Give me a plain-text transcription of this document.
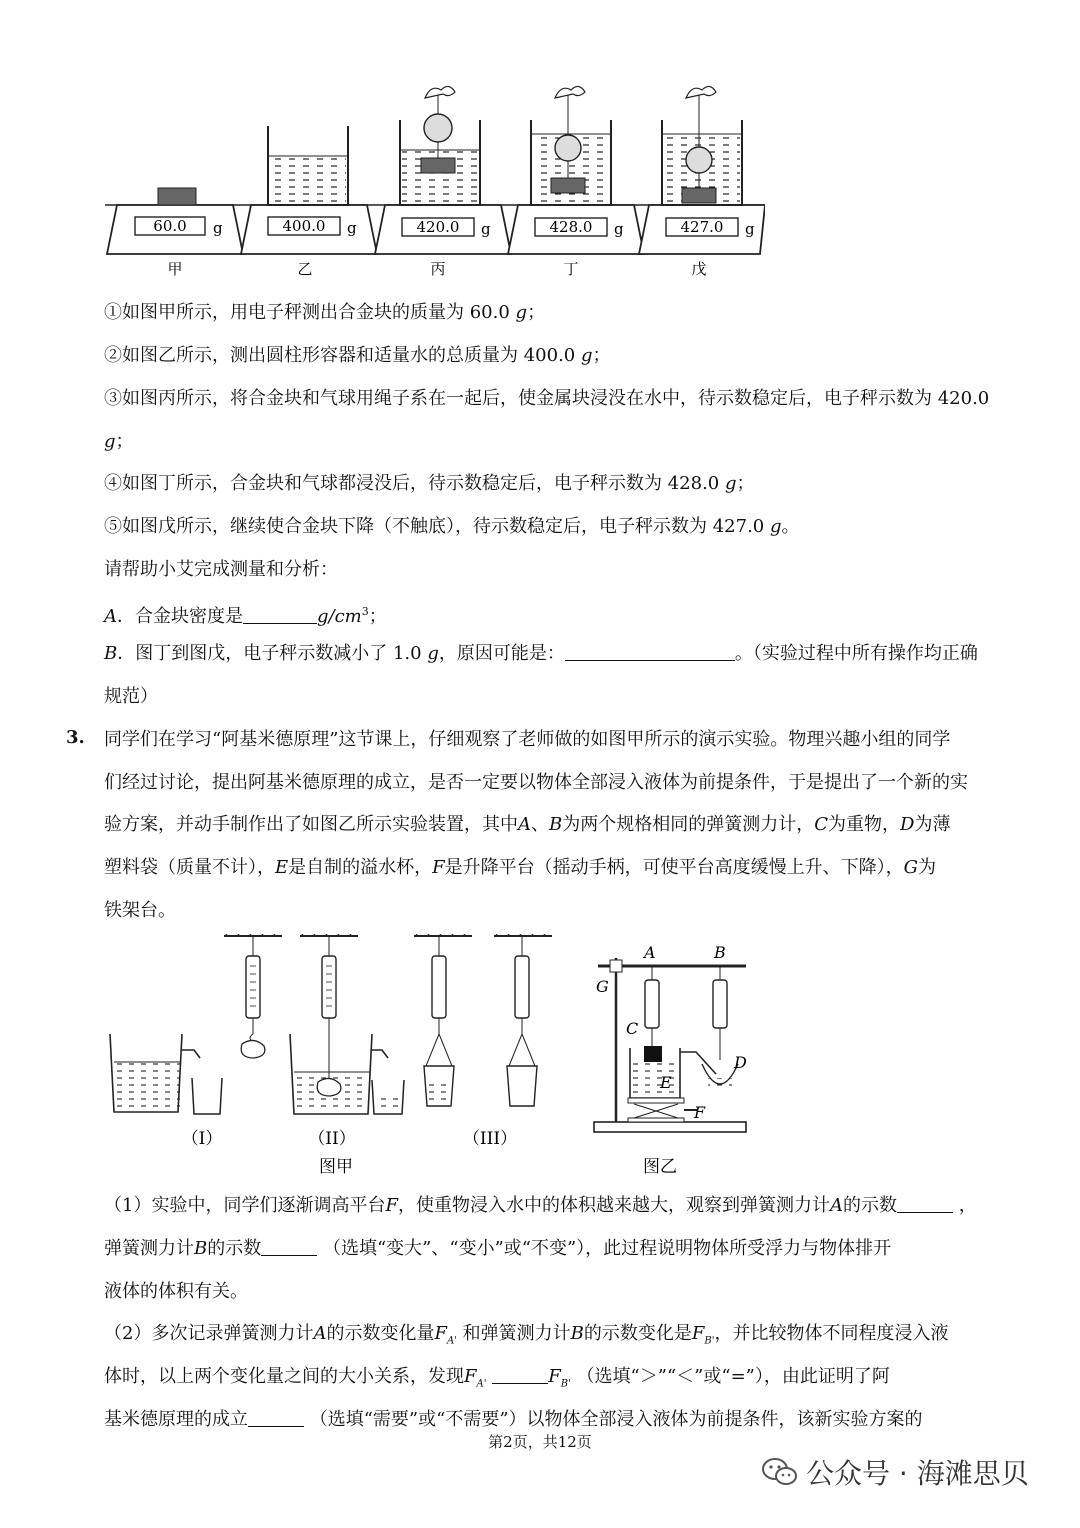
60.0 g
甲
400.0 g
乙
420.0 g
丙
428.0 g
丁
427.0 g
戊
①如图甲所示，用电子秤测出合金块的质量为 60.0 g；
②如图乙所示，测出圆柱形容器和适量水的总质量为 400.0 g；
③如图丙所示，将合金块和气球用绳子系在一起后，使金属块浸没在水中，待示数稳定后，电子秤示数为 420.0
g；
④如图丁所示，合金块和气球都浸没后，待示数稳定后，电子秤示数为 428.0 g；
⑤如图戊所示，继续使合金块下降（不触底），待示数稳定后，电子秤示数为 427.0 g。
请帮助小艾完成测量和分析：
A．合金块密度是	$g/cm^3$；
B．图丁到图戊，电子秤示数减小了 1.0 g，原因可能是：	。（实验过程中所有操作均正确
规范）
3. 同学们在学习“阿基米德原理”这节课上，仔细观察了老师做的如图甲所示的演示实验。物理兴趣小组的同学
们经过讨论，提出阿基米德原理的成立，是否一定要以物体全部浸入液体为前提条件，于是提出了一个新的实
验方案，并动手制作出了如图乙所示实验装置，其中A、B为两个规格相同的弹簧测力计，C为重物，D为薄
塑料袋（质量不计），E是自制的溢水杯，F是升降平台（摇动手柄，可使平台高度缓慢上升、下降），G为
铁架台。
（I）	（II）
图甲
（III）
G
A	B
C
D
E
F
图乙
（1）实验中，同学们逐渐调高平台F，使重物浸入水中的体积越来越大，观察到弹簧测力计A的示数	，
弹簧测力计B的示数	（选填“变大”、“变小”或“不变”），此过程说明物体所受浮力与物体排开
液体的体积有关。
（2）多次记录弹簧测力计A的示数变化量$F_{A'}$ 和弹簧测力计B的示数变化是$F_{B'}$，并比较物体不同程度浸入液
体时，以上两个变化量之间的大小关系，发现$F_{A'}$	$F_{B'}$ （选填“＞”“＜”或“=”），由此证明了阿
基米德原理的成立	（选填“需要”或“不需要”）以物体全部浸入液体为前提条件，该新实验方案的
第2页，共12页
公众号 · 海滩思贝
